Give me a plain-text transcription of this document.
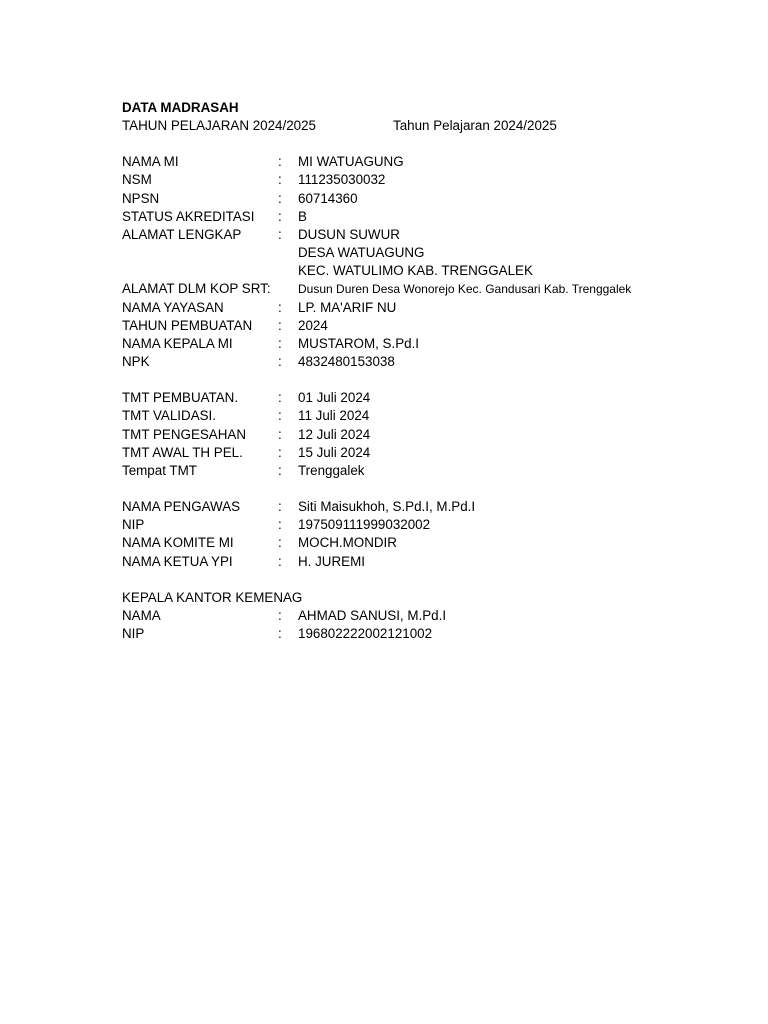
DATA MADRASAH
TAHUN PELAJARAN 2024/2025	Tahun Pelajaran 2024/2025
NAMA MI	: MI WATUAGUNG
NSM	: 111235030032
NPSN	: 60714360
STATUS AKREDITASI : B
ALAMAT LENGKAP	: DUSUN SUWUR
DESA WATUAGUNG
KEC. WATULIMO KAB. TRENGGALEK
ALAMAT DLM KOP SRT: Dusun Duren Desa Wonorejo Kec. Gandusari Kab. Trenggalek
NAMA YAYASAN	: LP. MA'ARIF NU
TAHUN PEMBUATAN : 2024
NAMA KEPALA MI	: MUSTAROM, S.Pd.I
NPK	: 4832480153038
TMT PEMBUATAN.	: 01 Juli 2024
TMT VALIDASI.	: 11 Juli 2024
TMT PENGESAHAN : 12 Juli 2024
TMT AWAL TH PEL.	: 15 Juli 2024
Tempat TMT	: Trenggalek
NAMA PENGAWAS	: Siti Maisukhoh, S.Pd.I, M.Pd.I
NIP	: 197509111999032002
NAMA KOMITE MI	: MOCH.MONDIR
NAMA KETUA YPI	: H. JUREMI
KEPALA KANTOR KEMENAG
NAMA	: AHMAD SANUSI, M.Pd.I
NIP	: 196802222002121002
